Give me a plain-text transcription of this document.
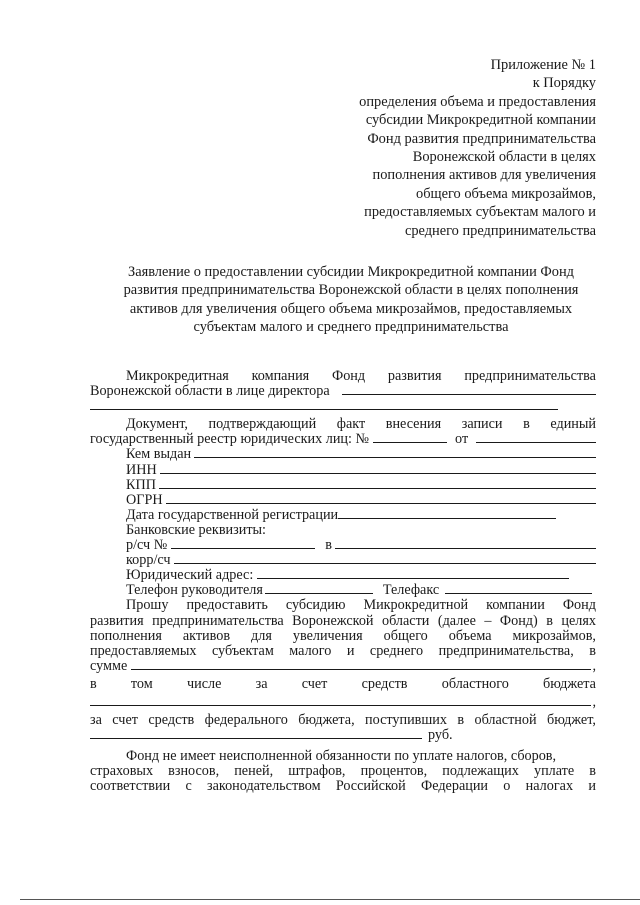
Приложение № 1
к Порядку
определения объема и предоставления
субсидии Микрокредитной компании
Фонд развития предпринимательства
Воронежской области в целях
пополнения активов для увеличения
общего объема микрозаймов,
предоставляемых субъектам малого и
среднего предпринимательства
Заявление о предоставлении субсидии Микрокредитной компании Фонд
развития предпринимательства Воронежской области в целях пополнения
активов для увеличения общего объема микрозаймов, предоставляемых
субъектам малого и среднего предпринимательства
Микрокредитная компания Фонд развития предпринимательства
Воронежской области в лице директора
Документ, подтверждающий факт внесения записи в единый
государственный реестр юридических лиц: №	от
Кем выдан
ИНН
КПП
ОГРН
Дата государственной регистрации
Банковские реквизиты:
р/сч №	в
корр/сч
Юридический адрес:
Телефон руководителя	Телефакс
Прошу предоставить субсидию Микрокредитной компании Фонд
развития предпринимательства Воронежской области (далее – Фонд) в целях
пополнения активов для увеличения общего объема микрозаймов,
предоставляемых субъектам малого и среднего предпринимательства, в
сумме	,
в том числе за счет средств областного бюджета
,
за счет средств федерального бюджета, поступивших в областной бюджет,
руб.
Фонд не имеет неисполненной обязанности по уплате налогов, сборов,
страховых взносов, пеней, штрафов, процентов, подлежащих уплате в
соответствии с законодательством Российской Федерации о налогах и
